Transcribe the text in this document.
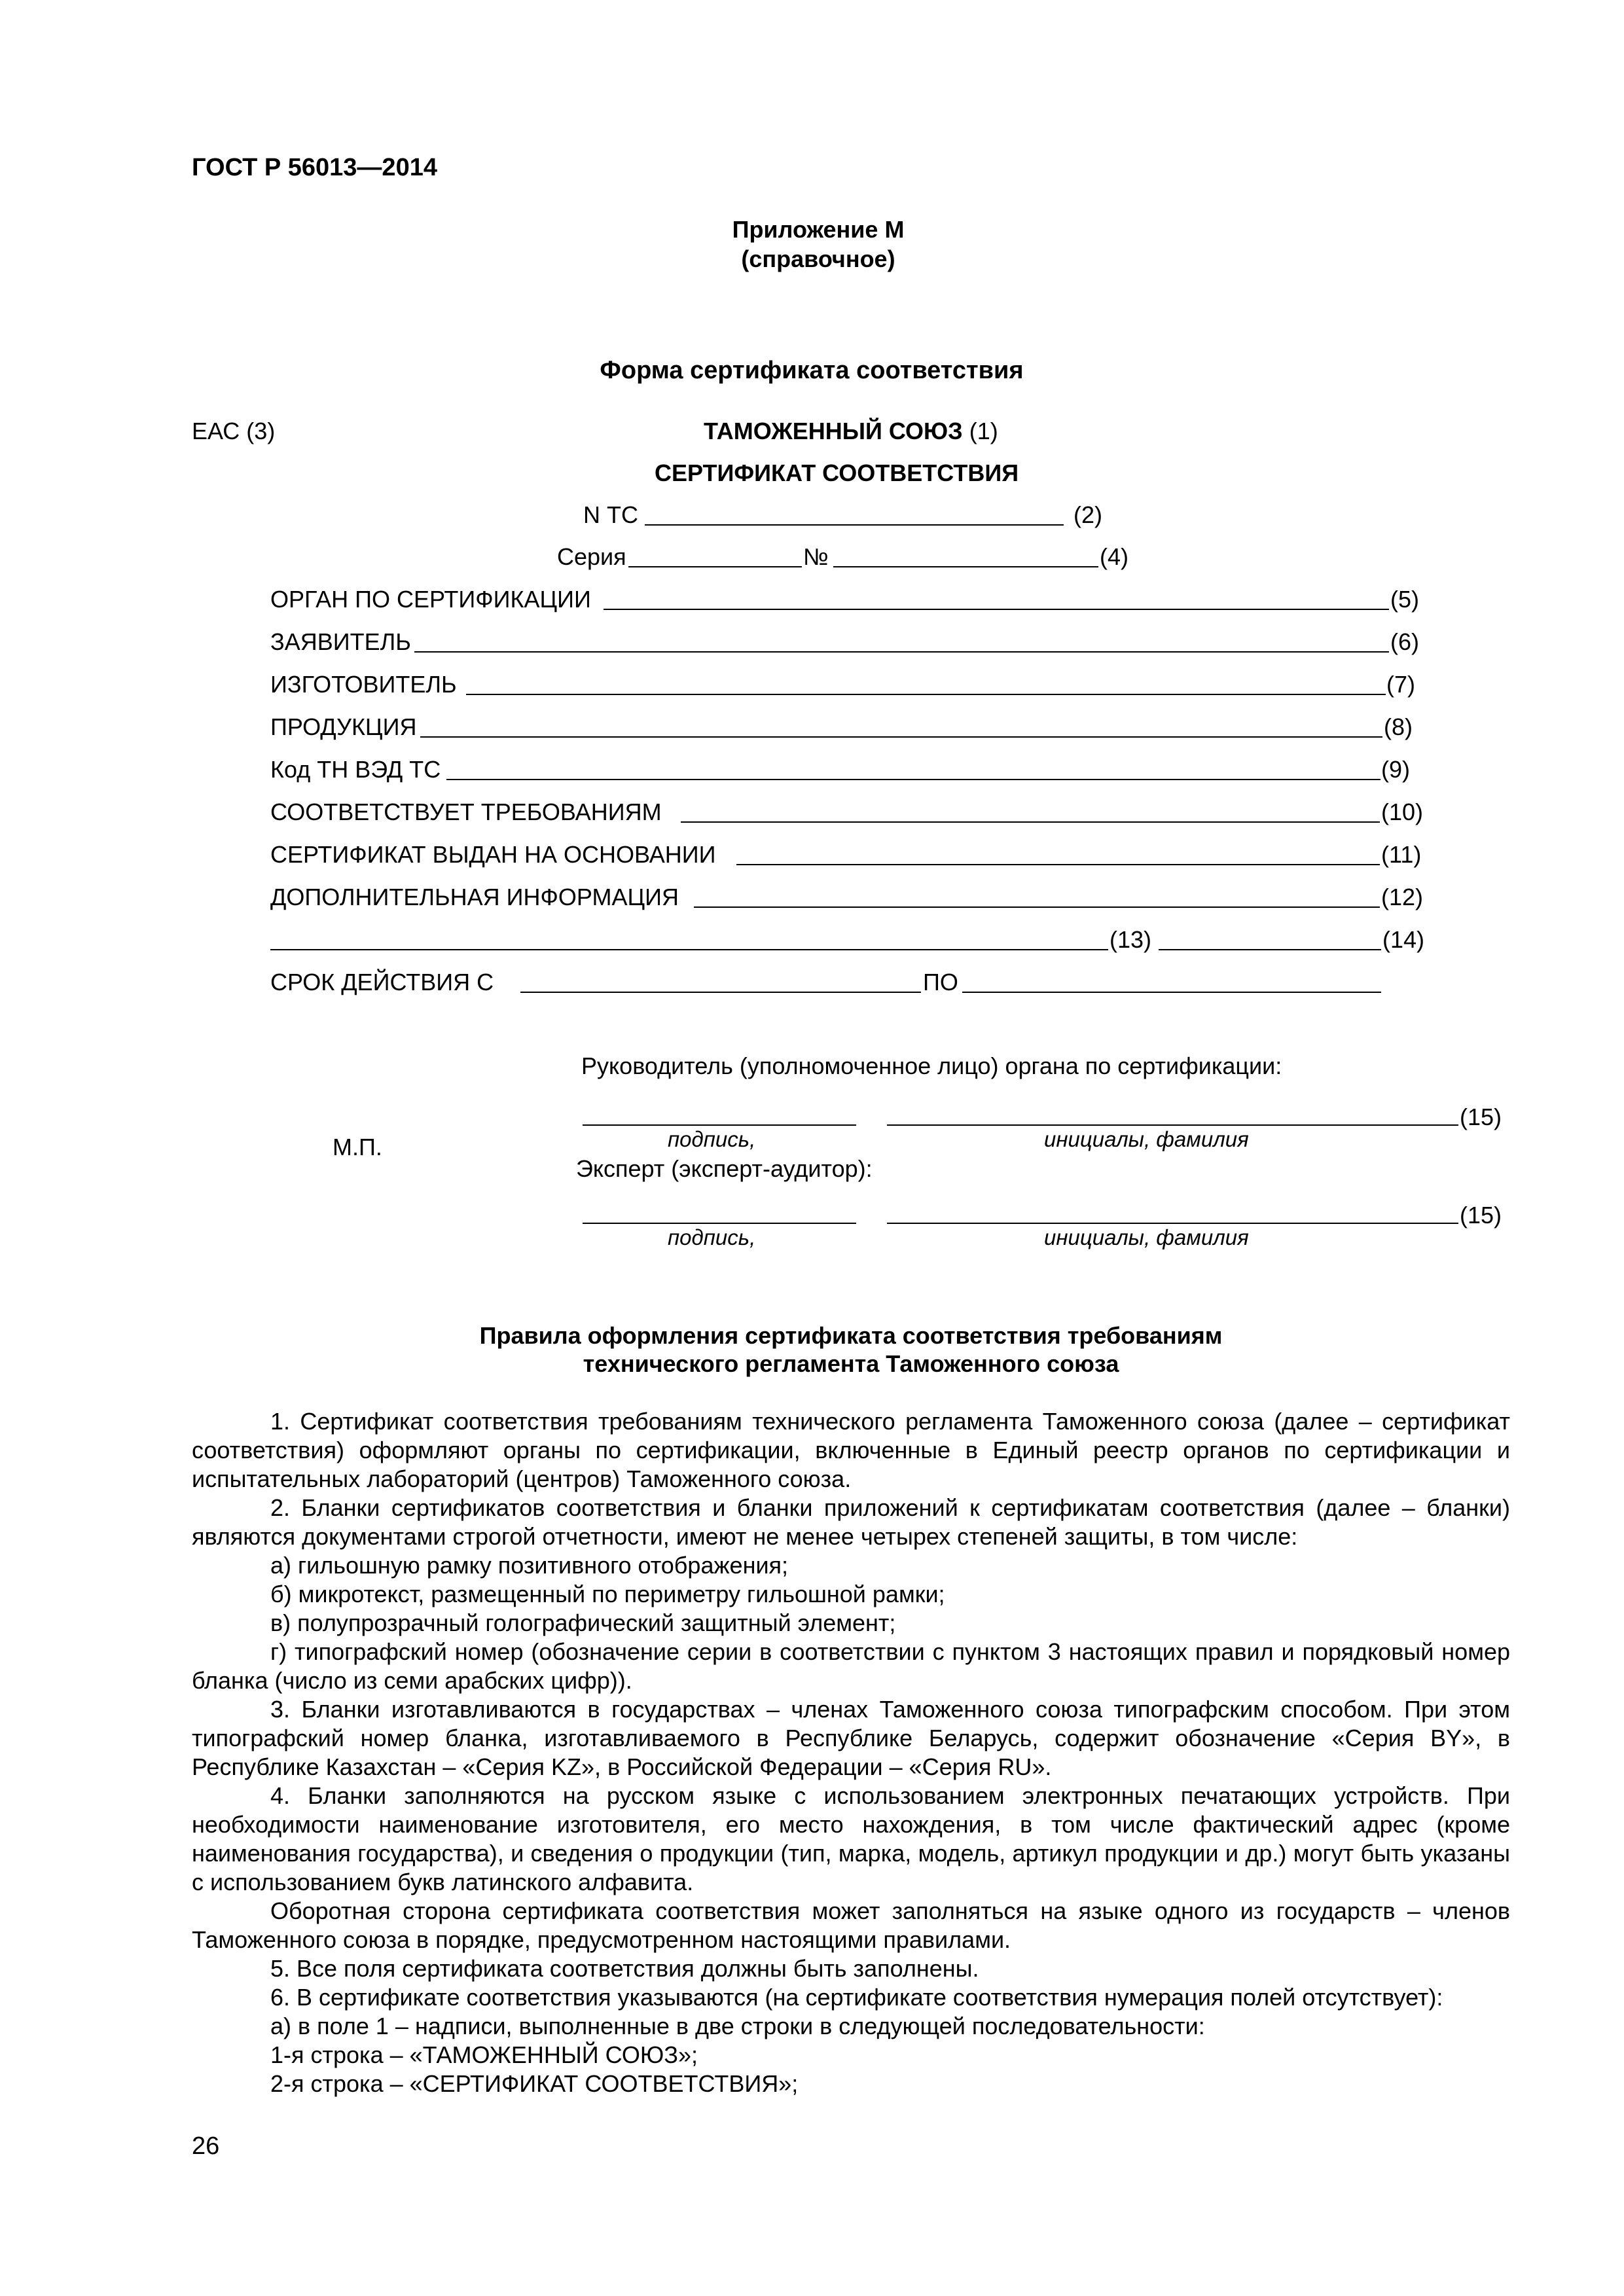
ГОСТ Р 56013—2014
Приложение М
(справочное)
Форма сертификата соответствия
ЕАС (3)	ТАМОЖЕННЫЙ СОЮЗ (1)
СЕРТИФИКАТ СООТВЕТСТВИЯ
N ТС	(2)
Серия	№	(4)
ОРГАН ПО СЕРТИФИКАЦИИ	(5)
ЗАЯВИТЕЛЬ	(6)
ИЗГОТОВИТЕЛЬ	(7)
ПРОДУКЦИЯ	(8)
Код ТН ВЭД ТС	(9)
СООТВЕТСТВУЕТ ТРЕБОВАНИЯМ	(10)
СЕРТИФИКАТ ВЫДАН НА ОСНОВАНИИ	(11)
ДОПОЛНИТЕЛЬНАЯ ИНФОРМАЦИЯ	(12)
(13)	(14)
СРОК ДЕЙСТВИЯ С	ПО
Руководитель (уполномоченное лицо) органа по сертификации:
(15)
подпись,	инициалы, фамилия
М.П.
Эксперт (эксперт-аудитор):
(15)
подпись,	инициалы, фамилия
Правила оформления сертификата соответствия требованиям
технического регламента Таможенного союза
1. Сертификат соответствия требованиям технического регламента Таможенного союза (далее – сертификат соответствия) оформляют органы по сертификации, включенные в Единый реестр органов по сертификации и испытательных лабораторий (центров) Таможенного союза.
2. Бланки сертификатов соответствия и бланки приложений к сертификатам соответствия (далее – бланки) являются документами строгой отчетности, имеют не менее четырех степеней защиты, в том числе:
а) гильошную рамку позитивного отображения;
б) микротекст, размещенный по периметру гильошной рамки;
в) полупрозрачный голографический защитный элемент;
г) типографский номер (обозначение серии в соответствии с пунктом 3 настоящих правил и порядковый номер бланка (число из семи арабских цифр)).
3. Бланки изготавливаются в государствах – членах Таможенного союза типографским способом. При этом типографский номер бланка, изготавливаемого в Республике Беларусь, содержит обозначение «Серия BY», в Республике Казахстан – «Серия KZ», в Российской Федерации – «Серия RU».
4. Бланки заполняются на русском языке с использованием электронных печатающих устройств. При необходимости наименование изготовителя, его место нахождения, в том числе фактический адрес (кроме наименования государства), и сведения о продукции (тип, марка, модель, артикул продукции и др.) могут быть указаны с использованием букв латинского алфавита.
Оборотная сторона сертификата соответствия может заполняться на языке одного из государств – членов Таможенного союза в порядке, предусмотренном настоящими правилами.
5. Все поля сертификата соответствия должны быть заполнены.
6. В сертификате соответствия указываются (на сертификате соответствия нумерация полей отсутствует):
а) в поле 1 – надписи, выполненные в две строки в следующей последовательности:
1-я строка – «ТАМОЖЕННЫЙ СОЮЗ»;
2-я строка – «СЕРТИФИКАТ СООТВЕТСТВИЯ»;
26
